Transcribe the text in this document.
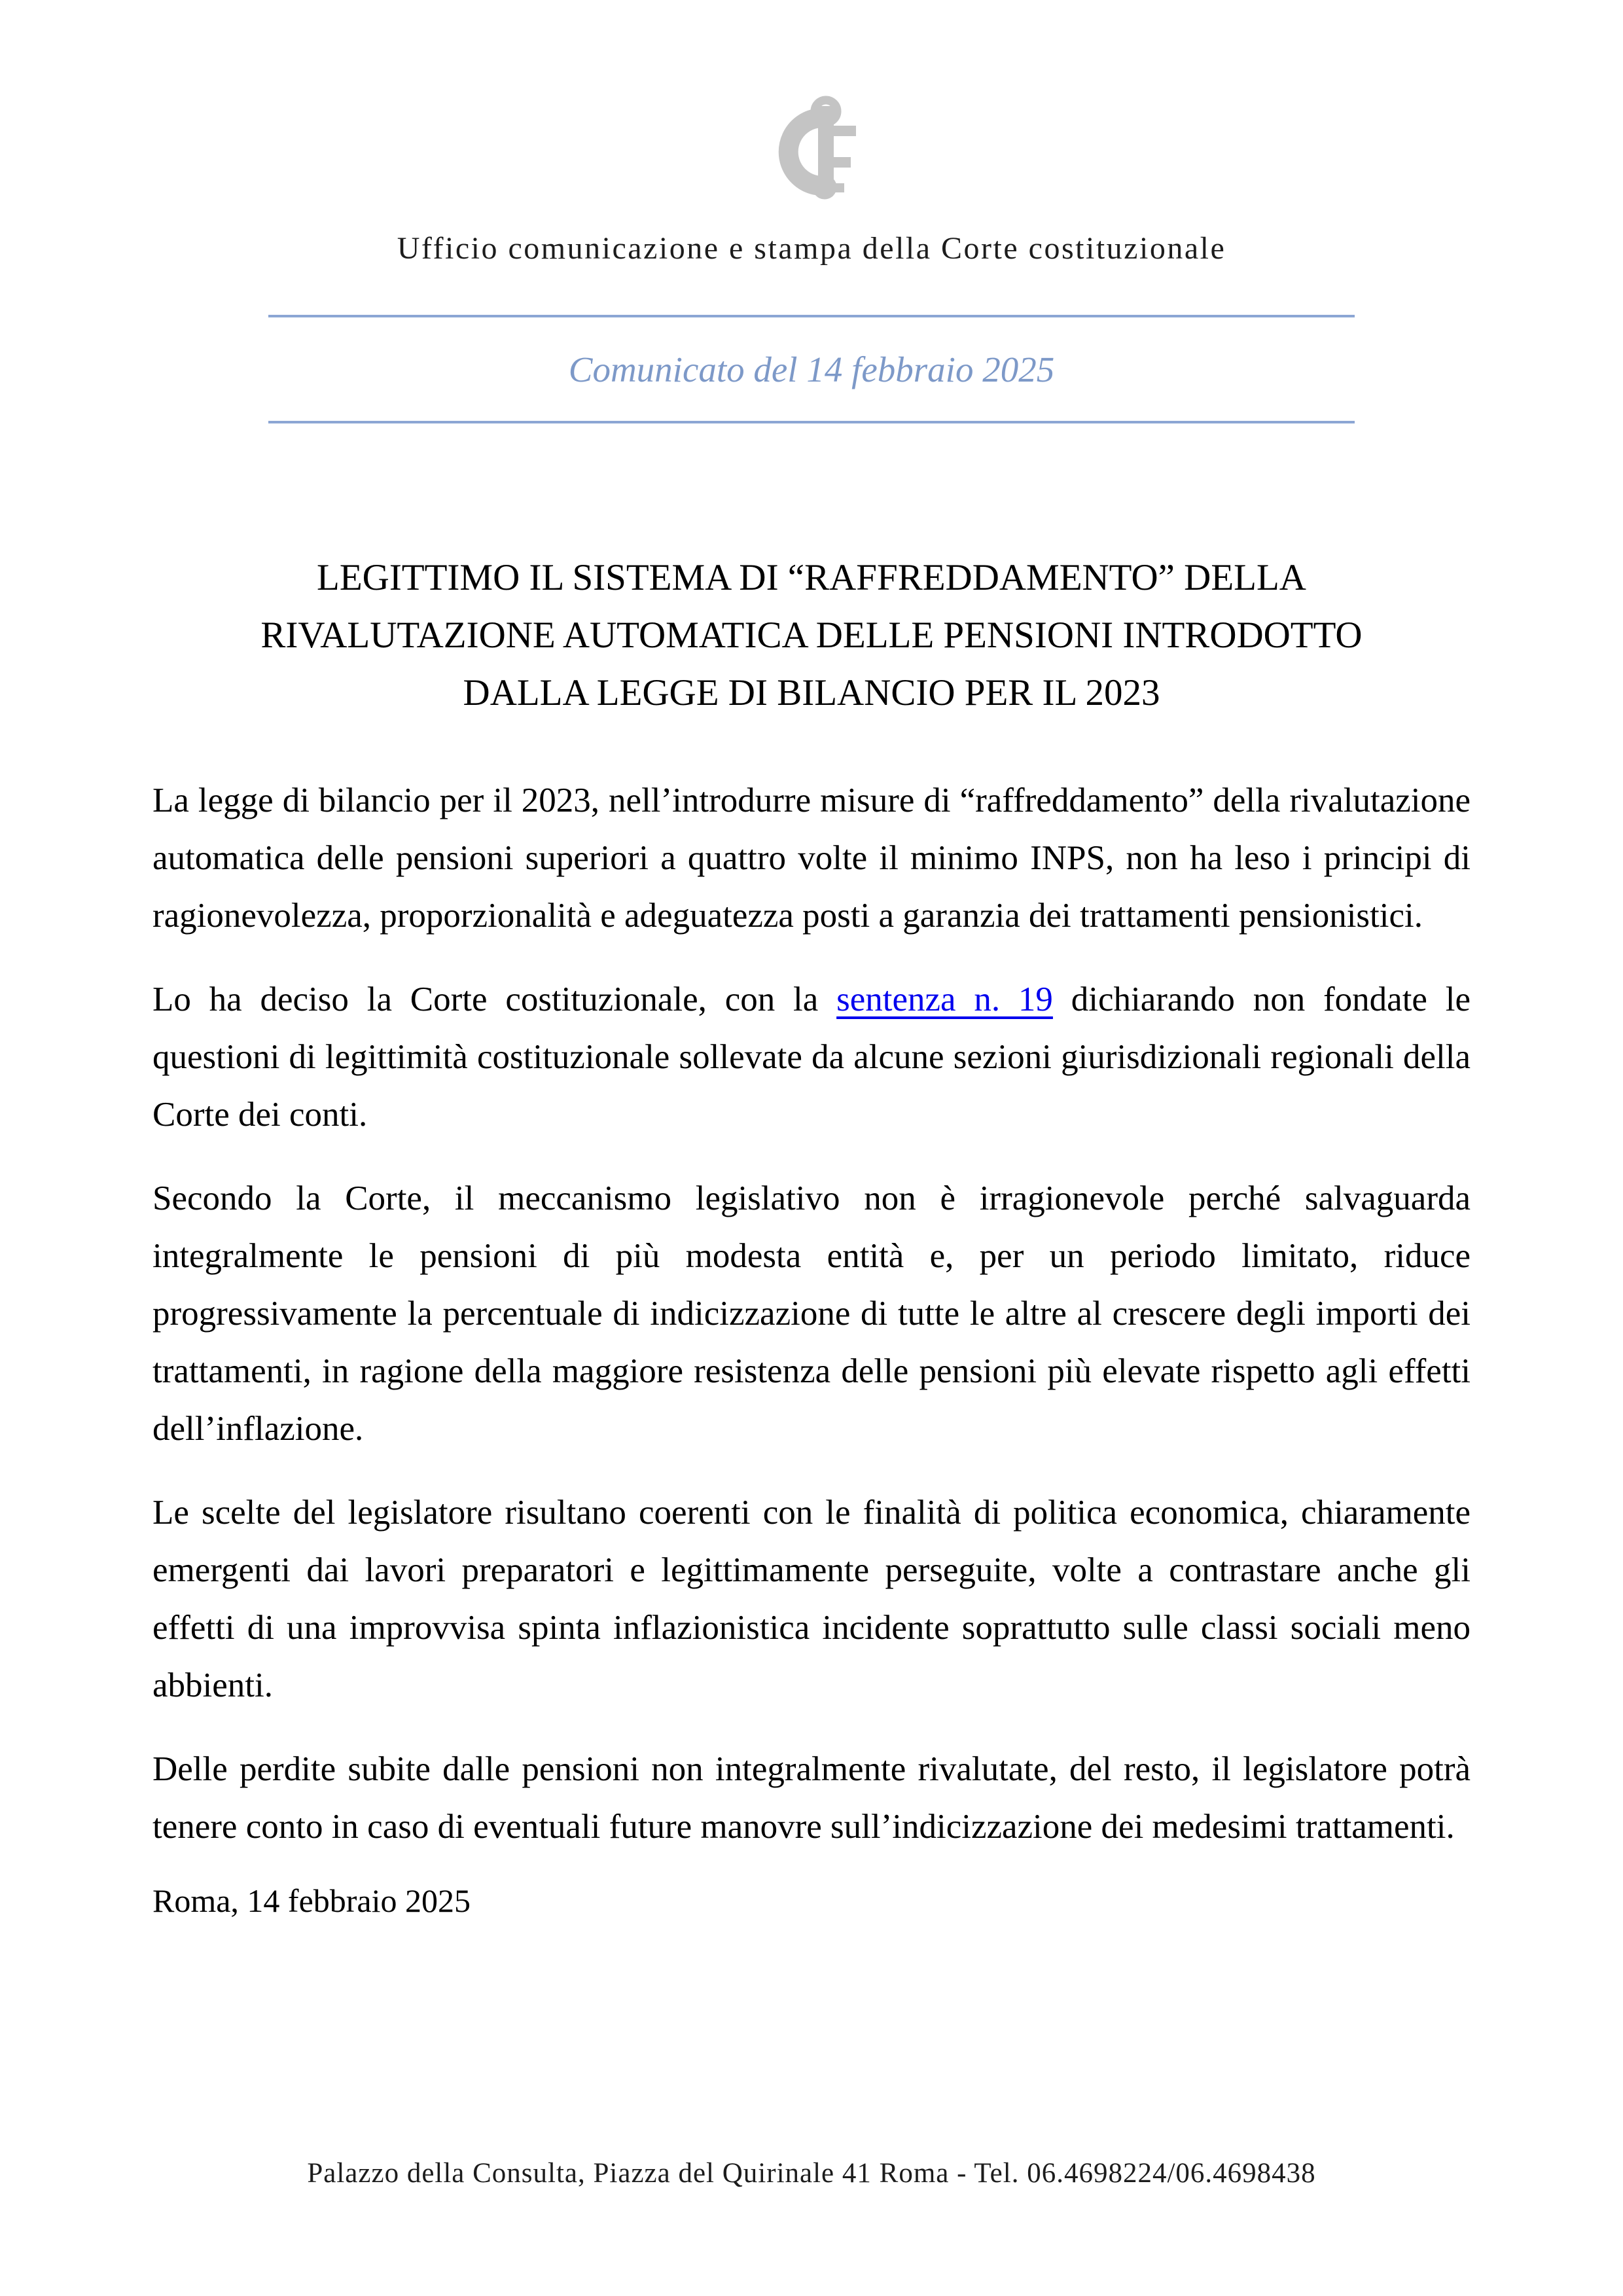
Ufficio comunicazione e stampa della Corte costituzionale
Comunicato del 14 febbraio 2025
LEGITTIMO IL SISTEMA DI “RAFFREDDAMENTO” DELLA
RIVALUTAZIONE AUTOMATICA DELLE PENSIONI INTRODOTTO
DALLA LEGGE DI BILANCIO PER IL 2023

La legge di bilancio per il 2023, nell’introdurre misure di “raffreddamento” della rivalutazione automatica delle pensioni superiori a quattro volte il minimo INPS, non ha leso i principi di ragionevolezza, proporzionalità e adeguatezza posti a garanzia dei trattamenti pensionistici.

Lo ha deciso la Corte costituzionale, con la sentenza n. 19 dichiarando non fondate le questioni di legittimità costituzionale sollevate da alcune sezioni giurisdizionali regionali della Corte dei conti.

Secondo la Corte, il meccanismo legislativo non è irragionevole perché salvaguarda integralmente le pensioni di più modesta entità e, per un periodo limitato, riduce progressivamente la percentuale di indicizzazione di tutte le altre al crescere degli importi dei trattamenti, in ragione della maggiore resistenza delle pensioni più elevate rispetto agli effetti dell’inflazione.

Le scelte del legislatore risultano coerenti con le finalità di politica economica, chiaramente emergenti dai lavori preparatori e legittimamente perseguite, volte a contrastare anche gli effetti di una improvvisa spinta inflazionistica incidente soprattutto sulle classi sociali meno abbienti.

Delle perdite subite dalle pensioni non integralmente rivalutate, del resto, il legislatore potrà tenere conto in caso di eventuali future manovre sull’indicizzazione dei medesimi trattamenti.

Roma, 14 febbraio 2025
Palazzo della Consulta, Piazza del Quirinale 41 Roma - Tel. 06.4698224/06.4698438
